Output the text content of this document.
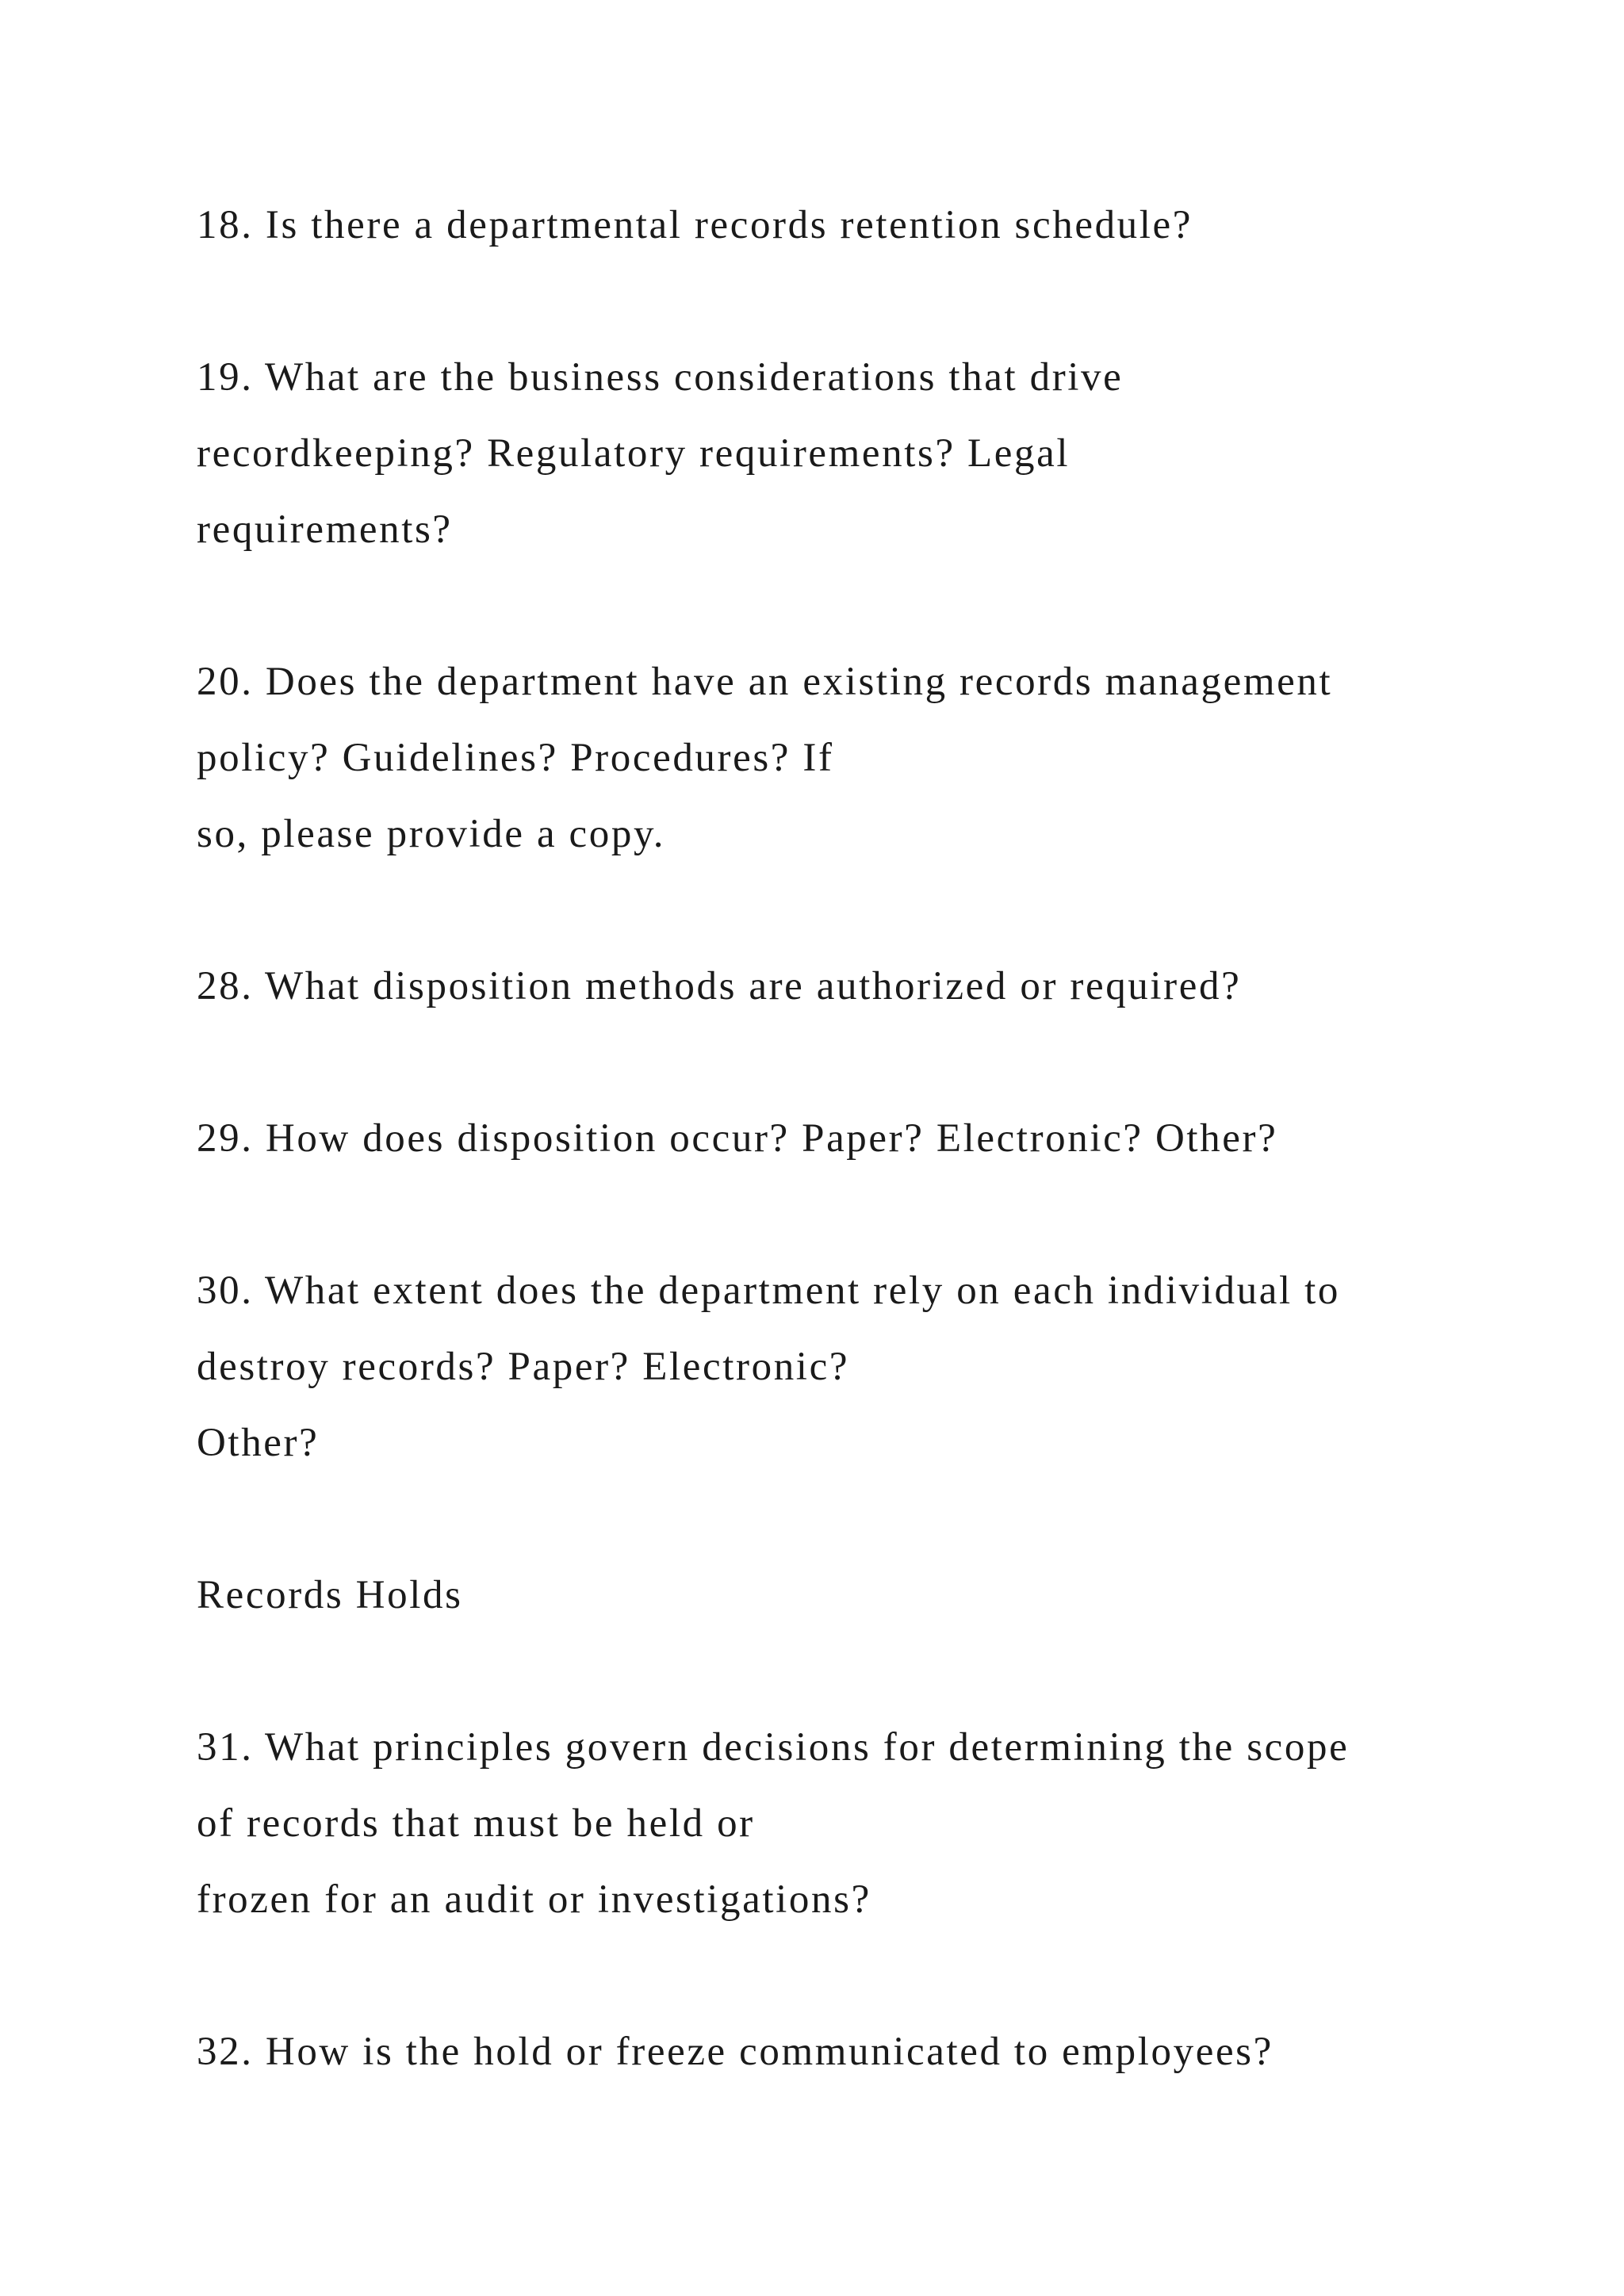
18. Is there a departmental records retention schedule?
19. What are the business considerations that drive
recordkeeping? Regulatory requirements? Legal
requirements?
20. Does the department have an existing records management
policy? Guidelines? Procedures? If
so, please provide a copy.
28. What disposition methods are authorized or required?
29. How does disposition occur? Paper? Electronic? Other?
30. What extent does the department rely on each individual to
destroy records? Paper? Electronic?
Other?
Records Holds
31. What principles govern decisions for determining the scope
of records that must be held or
frozen for an audit or investigations?
32. How is the hold or freeze communicated to employees?
